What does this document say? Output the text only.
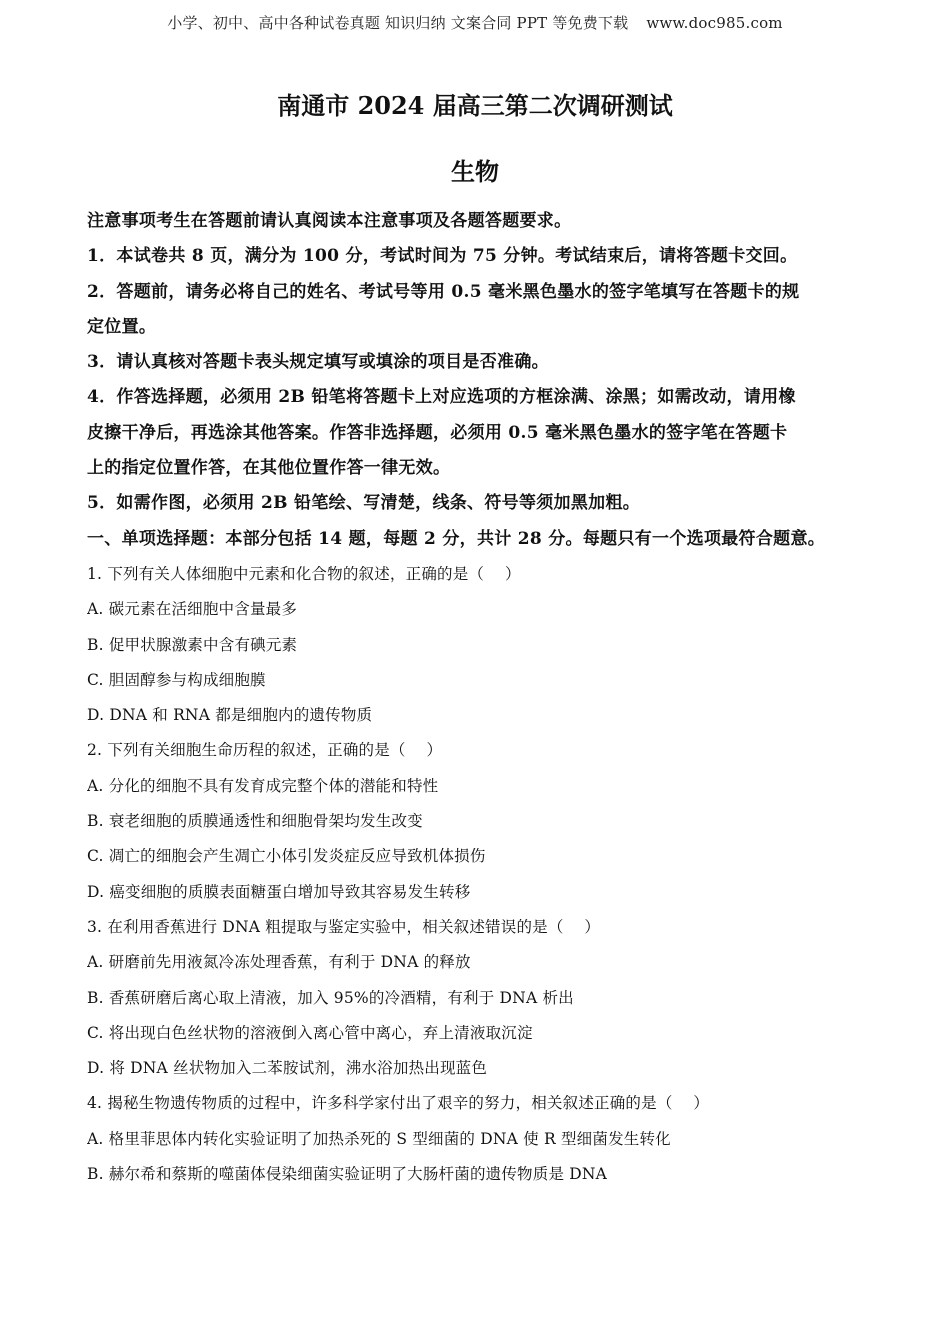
小学、初中、高中各种试卷真题 知识归纳 文案合同 PPT 等免费下载 www.doc985.com
南通市 2024 届高三第二次调研测试
生物
注意事项考生在答题前请认真阅读本注意事项及各题答题要求。
1．本试卷共 8 页，满分为 100 分，考试时间为 75 分钟。考试结束后，请将答题卡交回。
2．答题前，请务必将自己的姓名、考试号等用 0.5 毫米黑色墨水的签字笔填写在答题卡的规
定位置。
3．请认真核对答题卡表头规定填写或填涂的项目是否准确。
4．作答选择题，必须用 2B 铅笔将答题卡上对应选项的方框涂满、涂黑；如需改动，请用橡
皮擦干净后，再选涂其他答案。作答非选择题，必须用 0.5 毫米黑色墨水的签字笔在答题卡
上的指定位置作答，在其他位置作答一律无效。
5．如需作图，必须用 2B 铅笔绘、写清楚，线条、符号等须加黑加粗。
一、单项选择题：本部分包括 14 题，每题 2 分，共计 28 分。每题只有一个选项最符合题意。
1. 下列有关人体细胞中元素和化合物的叙述，正确的是（　 ）
A. 碳元素在活细胞中含量最多
B. 促甲状腺激素中含有碘元素
C. 胆固醇参与构成细胞膜
D. DNA 和 RNA 都是细胞内的遗传物质
2. 下列有关细胞生命历程的叙述，正确的是（　 ）
A. 分化的细胞不具有发育成完整个体的潜能和特性
B. 衰老细胞的质膜通透性和细胞骨架均发生改变
C. 凋亡的细胞会产生凋亡小体引发炎症反应导致机体损伤
D. 癌变细胞的质膜表面糖蛋白增加导致其容易发生转移
3. 在利用香蕉进行 DNA 粗提取与鉴定实验中，相关叙述错误的是（　 ）
A. 研磨前先用液氮冷冻处理香蕉，有利于 DNA 的释放
B. 香蕉研磨后离心取上清液，加入 95%的冷酒精，有利于 DNA 析出
C. 将出现白色丝状物的溶液倒入离心管中离心，弃上清液取沉淀
D. 将 DNA 丝状物加入二苯胺试剂，沸水浴加热出现蓝色
4. 揭秘生物遗传物质的过程中，许多科学家付出了艰辛的努力，相关叙述正确的是（　 ）
A. 格里菲思体内转化实验证明了加热杀死的 S 型细菌的 DNA 使 R 型细菌发生转化
B. 赫尔希和蔡斯的噬菌体侵染细菌实验证明了大肠杆菌的遗传物质是 DNA
